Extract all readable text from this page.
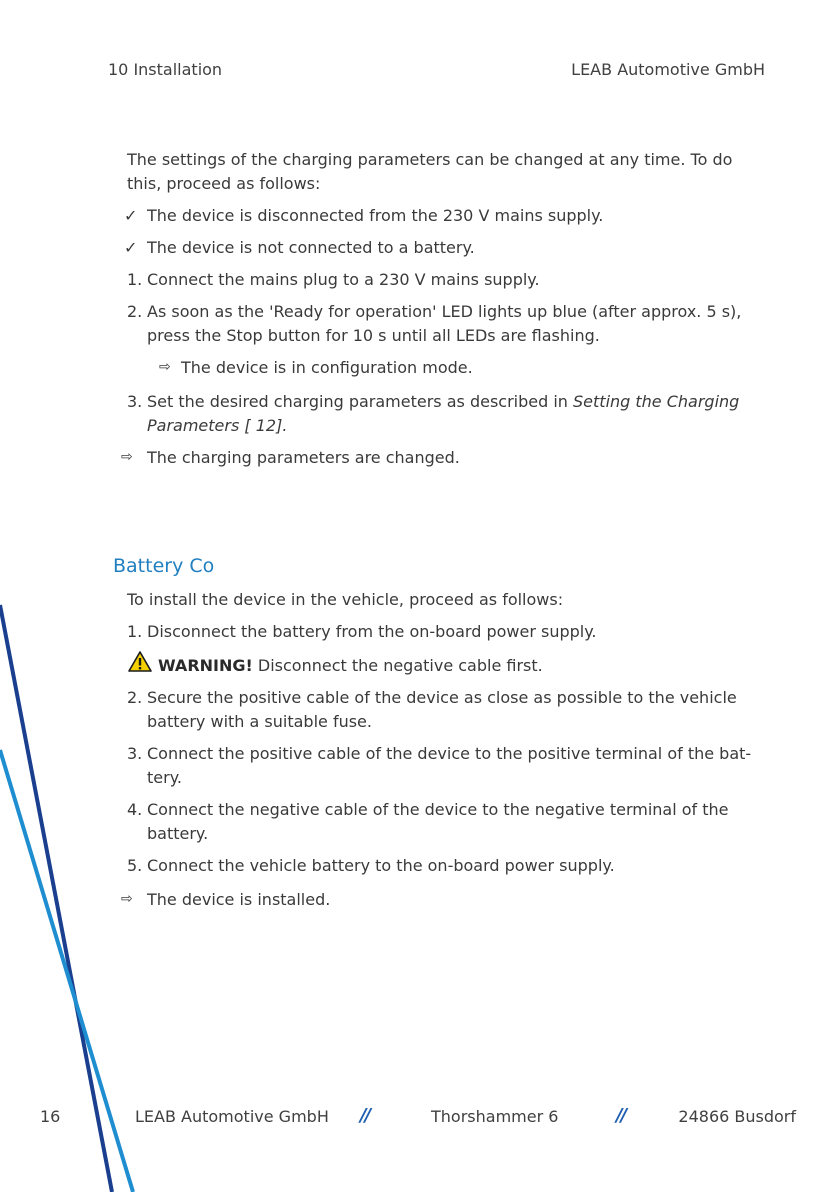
10 Installation	LEAB Automotive GmbH
The settings of the charging parameters can be changed at any time. To do
this, proceed as follows:
✓ The device is disconnected from the 230 V mains supply.
✓ The device is not connected to a battery.
1. Connect the mains plug to a 230 V mains supply.
2. As soon as the 'Ready for operation' LED lights up blue (after approx. 5 s),
press the Stop button for 10 s until all LEDs are flashing.
⇨ The device is in configuration mode.
3. Set the desired charging parameters as described in Setting the Charging
Parameters [ 12].
⇨ The charging parameters are changed.
Battery Co
To install the device in the vehicle, proceed as follows:
1. Disconnect the battery from the on-board power supply.
WARNING! Disconnect the negative cable first.
2. Secure the positive cable of the device as close as possible to the vehicle
battery with a suitable fuse.
3. Connect the positive cable of the device to the positive terminal of the bat-
tery.
4. Connect the negative cable of the device to the negative terminal of the
battery.
5. Connect the vehicle battery to the on-board power supply.
⇨ The device is installed.
16	LEAB Automotive GmbH //	Thorshammer 6	//	24866 Busdorf
